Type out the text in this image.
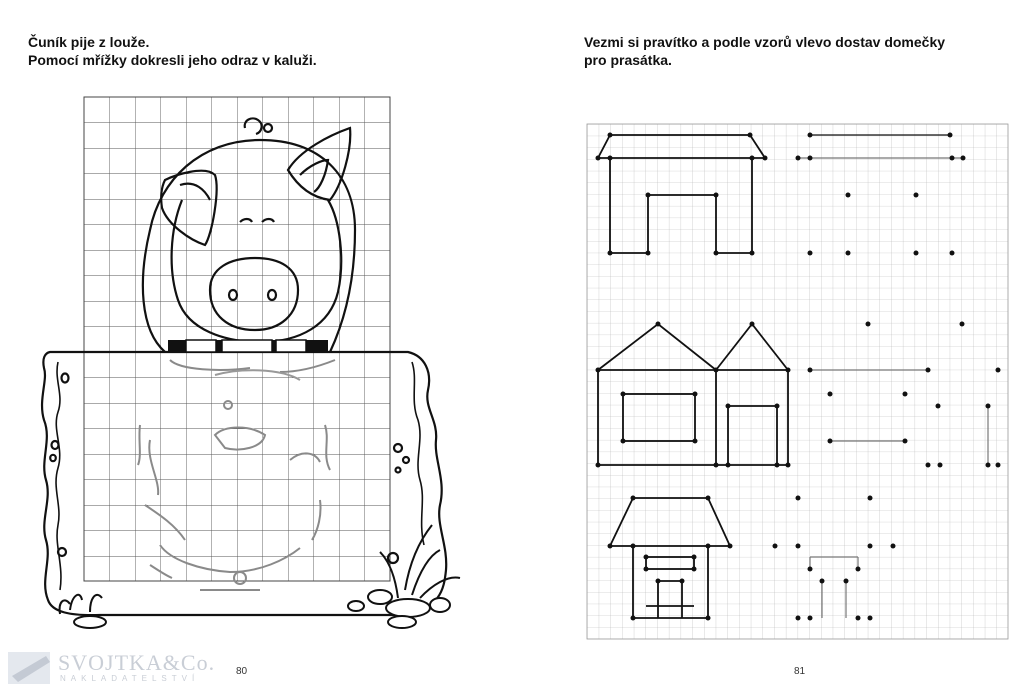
Čuník pije z louže.
Pomocí mřížky dokresli jeho odraz v kaluži.
Vezmi si pravítko a podle vzorů vlevo dostav domečky
pro prasátka.
SVOJTKA&Co.
NAKLADATELSTVÍ
80	81
